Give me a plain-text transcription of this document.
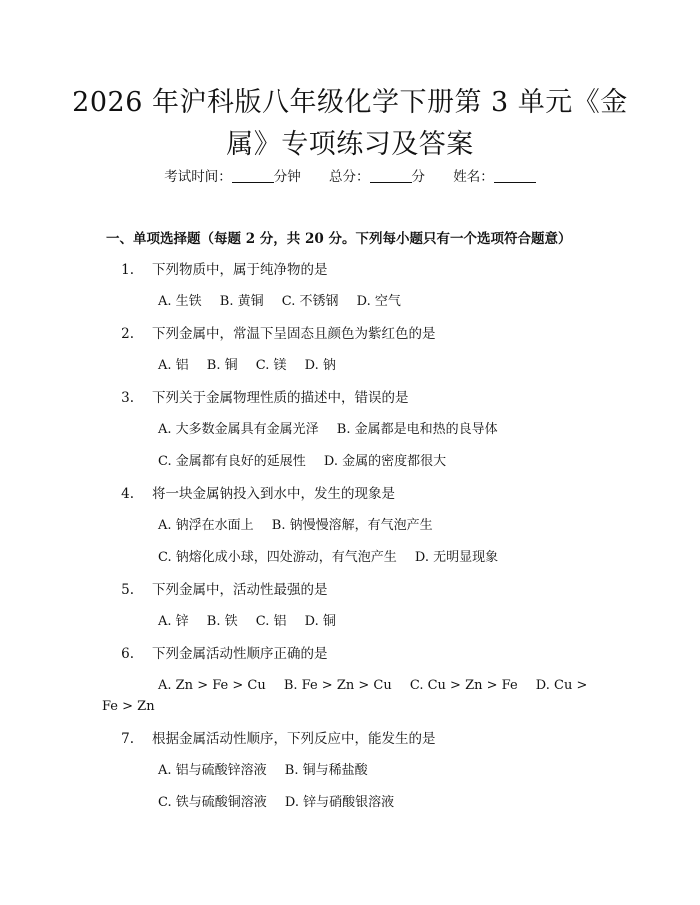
2026 年沪科版八年级化学下册第 3 单元《金
属》专项练习及答案
考试时间：	分钟 总分：	分 姓名：
一、单项选择题（每题 2 分，共 20 分。下列每小题只有一个选项符合题意）
1. 下列物质中，属于纯净物的是
A. 生铁 B. 黄铜 C. 不锈钢 D. 空气
2. 下列金属中，常温下呈固态且颜色为紫红色的是
A. 铝 B. 铜 C. 镁 D. 钠
3. 下列关于金属物理性质的描述中，错误的是
A. 大多数金属具有金属光泽 B. 金属都是电和热的良导体
C. 金属都有良好的延展性 D. 金属的密度都很大
4. 将一块金属钠投入到水中，发生的现象是
A. 钠浮在水面上 B. 钠慢慢溶解，有气泡产生
C. 钠熔化成小球，四处游动，有气泡产生 D. 无明显现象
5. 下列金属中，活动性最强的是
A. 锌 B. 铁 C. 铝 D. 铜
6. 下列金属活动性顺序正确的是
A. Zn > Fe > Cu B. Fe > Zn > Cu C. Cu > Zn > Fe D. Cu >
Fe > Zn
7. 根据金属活动性顺序，下列反应中，能发生的是
A. 铝与硫酸锌溶液 B. 铜与稀盐酸
C. 铁与硫酸铜溶液 D. 锌与硝酸银溶液
